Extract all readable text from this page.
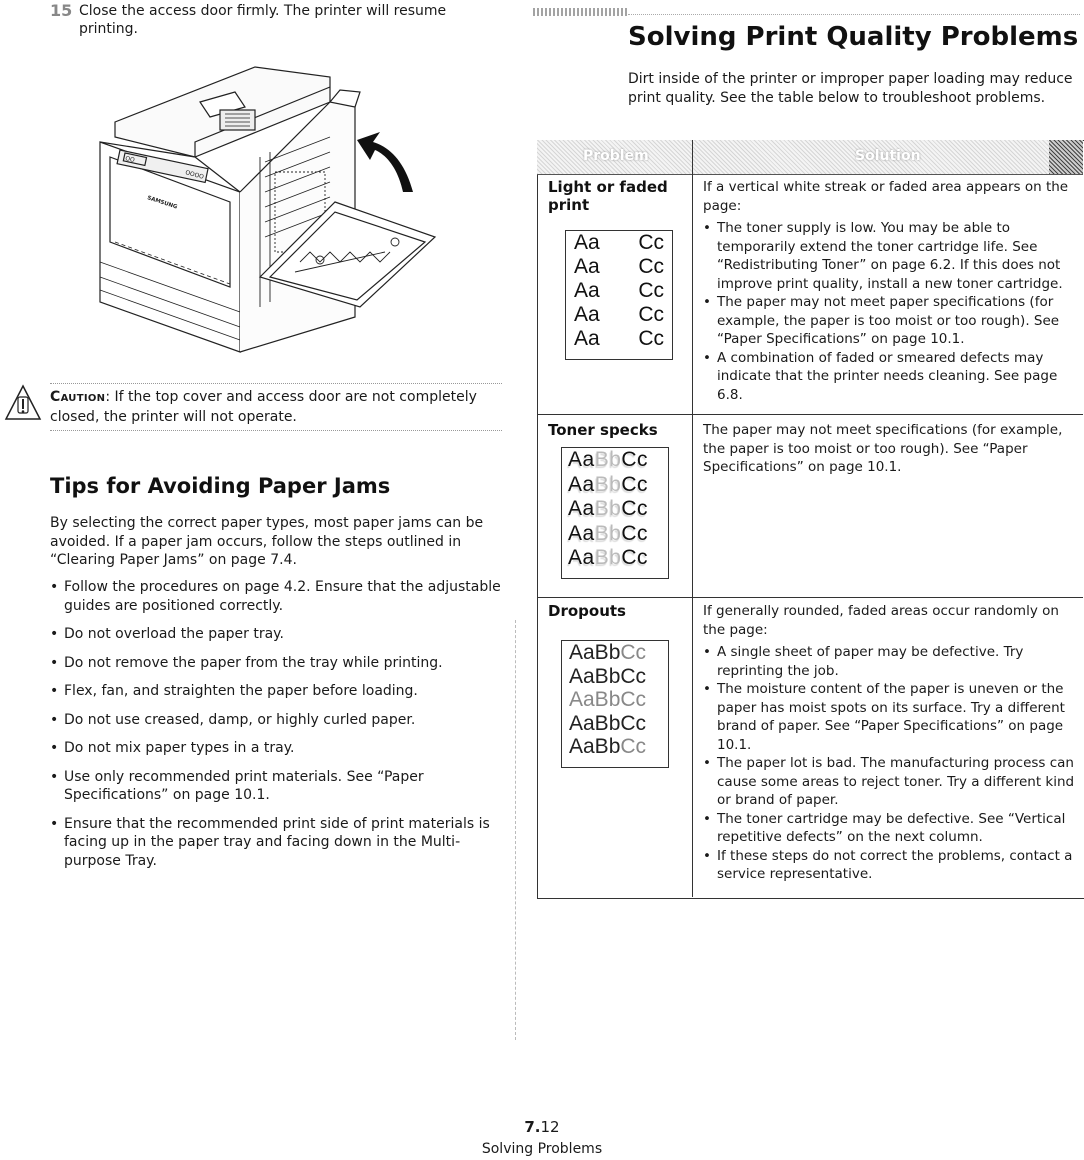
15 Close the access door firmly. The printer will resume printing.
SAMSUNG
OO
OOOO
Caution: If the top cover and access door are not completely closed, the printer will not operate.
Tips for Avoiding Paper Jams
By selecting the correct paper types, most paper jams can be avoided. If a paper jam occurs, follow the steps outlined in “Clearing Paper Jams” on page 7.4.
• Follow the procedures on page 4.2. Ensure that the adjustable guides are positioned correctly.
• Do not overload the paper tray.
• Do not remove the paper from the tray while printing.
• Flex, fan, and straighten the paper before loading.
• Do not use creased, damp, or highly curled paper.
• Do not mix paper types in a tray.
• Use only recommended print materials. See “Paper Specifications” on page 10.1.
• Ensure that the recommended print side of print materials is facing up in the paper tray and facing down in the Multi-purpose Tray.
Solving Print Quality Problems
Dirt inside of the printer or improper paper loading may reduce print quality. See the table below to troubleshoot problems.
Problem	Solution
Light or faded print
Aa Cc
Aa Cc
Aa Cc
Aa Cc
Aa Cc
If a vertical white streak or faded area appears on the page:
• The toner supply is low. You may be able to temporarily extend the toner cartridge life. See “Redistributing Toner” on page 6.2. If this does not improve print quality, install a new toner cartridge.
• The paper may not meet paper specifications (for example, the paper is too moist or too rough). See “Paper Specifications” on page 10.1.
• A combination of faded or smeared defects may indicate that the printer needs cleaning. See page 6.8.
Toner specks
AaBbCc
AaBbCc
AaBbCc
AaBbCc
AaBbCc
The paper may not meet specifications (for example, the paper is too moist or too rough). See “Paper Specifications” on page 10.1.
Dropouts
AaBbCc
AaBbCc
AaBbCc
AaBbCc
AaBbCc
If generally rounded, faded areas occur randomly on the page:
• A single sheet of paper may be defective. Try reprinting the job.
• The moisture content of the paper is uneven or the paper has moist spots on its surface. Try a different brand of paper. See “Paper Specifications” on page 10.1.
• The paper lot is bad. The manufacturing process can cause some areas to reject toner. Try a different kind or brand of paper.
• The toner cartridge may be defective. See “Vertical repetitive defects” on the next column.
• If these steps do not correct the problems, contact a service representative.
7.12
Solving Problems
